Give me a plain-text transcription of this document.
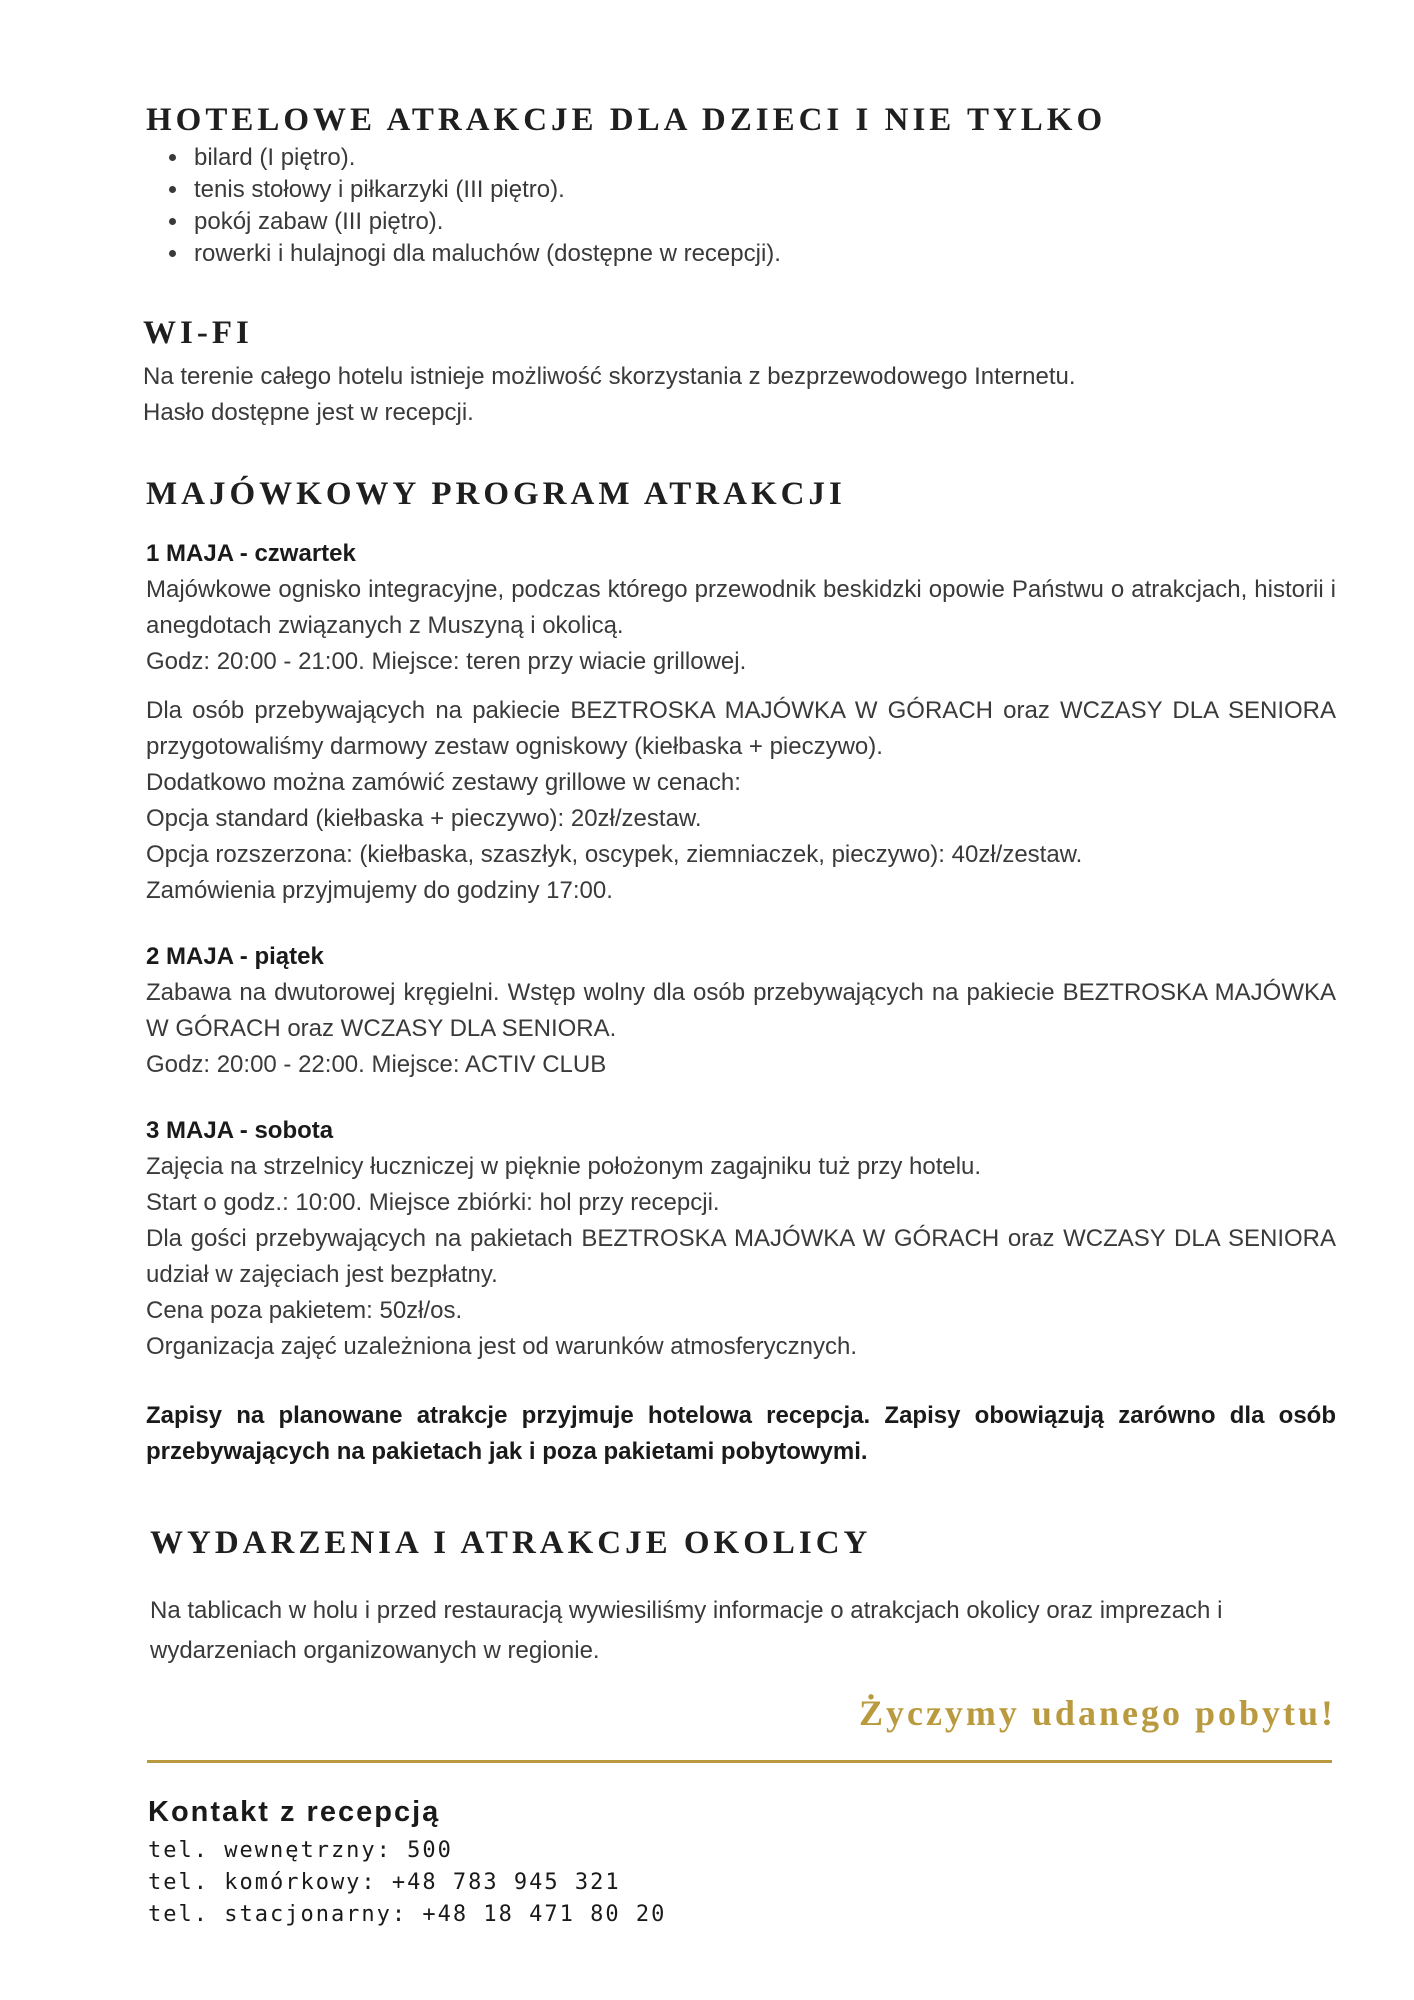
HOTELOWE ATRAKCJE DLA DZIECI I NIE TYLKO
• bilard (I piętro).
• tenis stołowy i piłkarzyki (III piętro).
• pokój zabaw (III piętro).
• rowerki i hulajnogi dla maluchów (dostępne w recepcji).
WI-FI

Na terenie całego hotelu istnieje możliwość skorzystania z bezprzewodowego Internetu.

Hasło dostępne jest w recepcji.

MAJÓWKOWY PROGRAM ATRAKCJI

1 MAJA - czwartek

Majówkowe ognisko integracyjne, podczas którego przewodnik beskidzki opowie Państwu o atrakcjach, historii i anegdotach związanych z Muszyną i okolicą.

Godz: 20:00 - 21:00. Miejsce: teren przy wiacie grillowej.

Dla osób przebywających na pakiecie BEZTROSKA MAJÓWKA W GÓRACH oraz WCZASY DLA SENIORA przygotowaliśmy darmowy zestaw ogniskowy (kiełbaska + pieczywo).

Dodatkowo można zamówić zestawy grillowe w cenach:

Opcja standard (kiełbaska + pieczywo): 20zł/zestaw.

Opcja rozszerzona: (kiełbaska, szaszłyk, oscypek, ziemniaczek, pieczywo): 40zł/zestaw.

Zamówienia przyjmujemy do godziny 17:00.

2 MAJA - piątek

Zabawa na dwutorowej kręgielni. Wstęp wolny dla osób przebywających na pakiecie BEZTROSKA MAJÓWKA W GÓRACH oraz WCZASY DLA SENIORA.

Godz: 20:00 - 22:00. Miejsce: ACTIV CLUB

3 MAJA - sobota

Zajęcia na strzelnicy łuczniczej w pięknie położonym zagajniku tuż przy hotelu.

Start o godz.: 10:00. Miejsce zbiórki: hol przy recepcji.

Dla gości przebywających na pakietach BEZTROSKA MAJÓWKA W GÓRACH oraz WCZASY DLA SENIORA udział w zajęciach jest bezpłatny.

Cena poza pakietem: 50zł/os.

Organizacja zajęć uzależniona jest od warunków atmosferycznych.

Zapisy na planowane atrakcje przyjmuje hotelowa recepcja. Zapisy obowiązują zarówno dla osób przebywających na pakietach jak i poza pakietami pobytowymi.

WYDARZENIA I ATRAKCJE OKOLICY

Na tablicach w holu i przed restauracją wywiesiliśmy informacje o atrakcjach okolicy oraz imprezach i wydarzeniach organizowanych w regionie.

Życzymy udanego pobytu!
Kontakt z recepcją
tel. wewnętrzny: 500
tel. komórkowy: +48 783 945 321
tel. stacjonarny: +48 18 471 80 20
